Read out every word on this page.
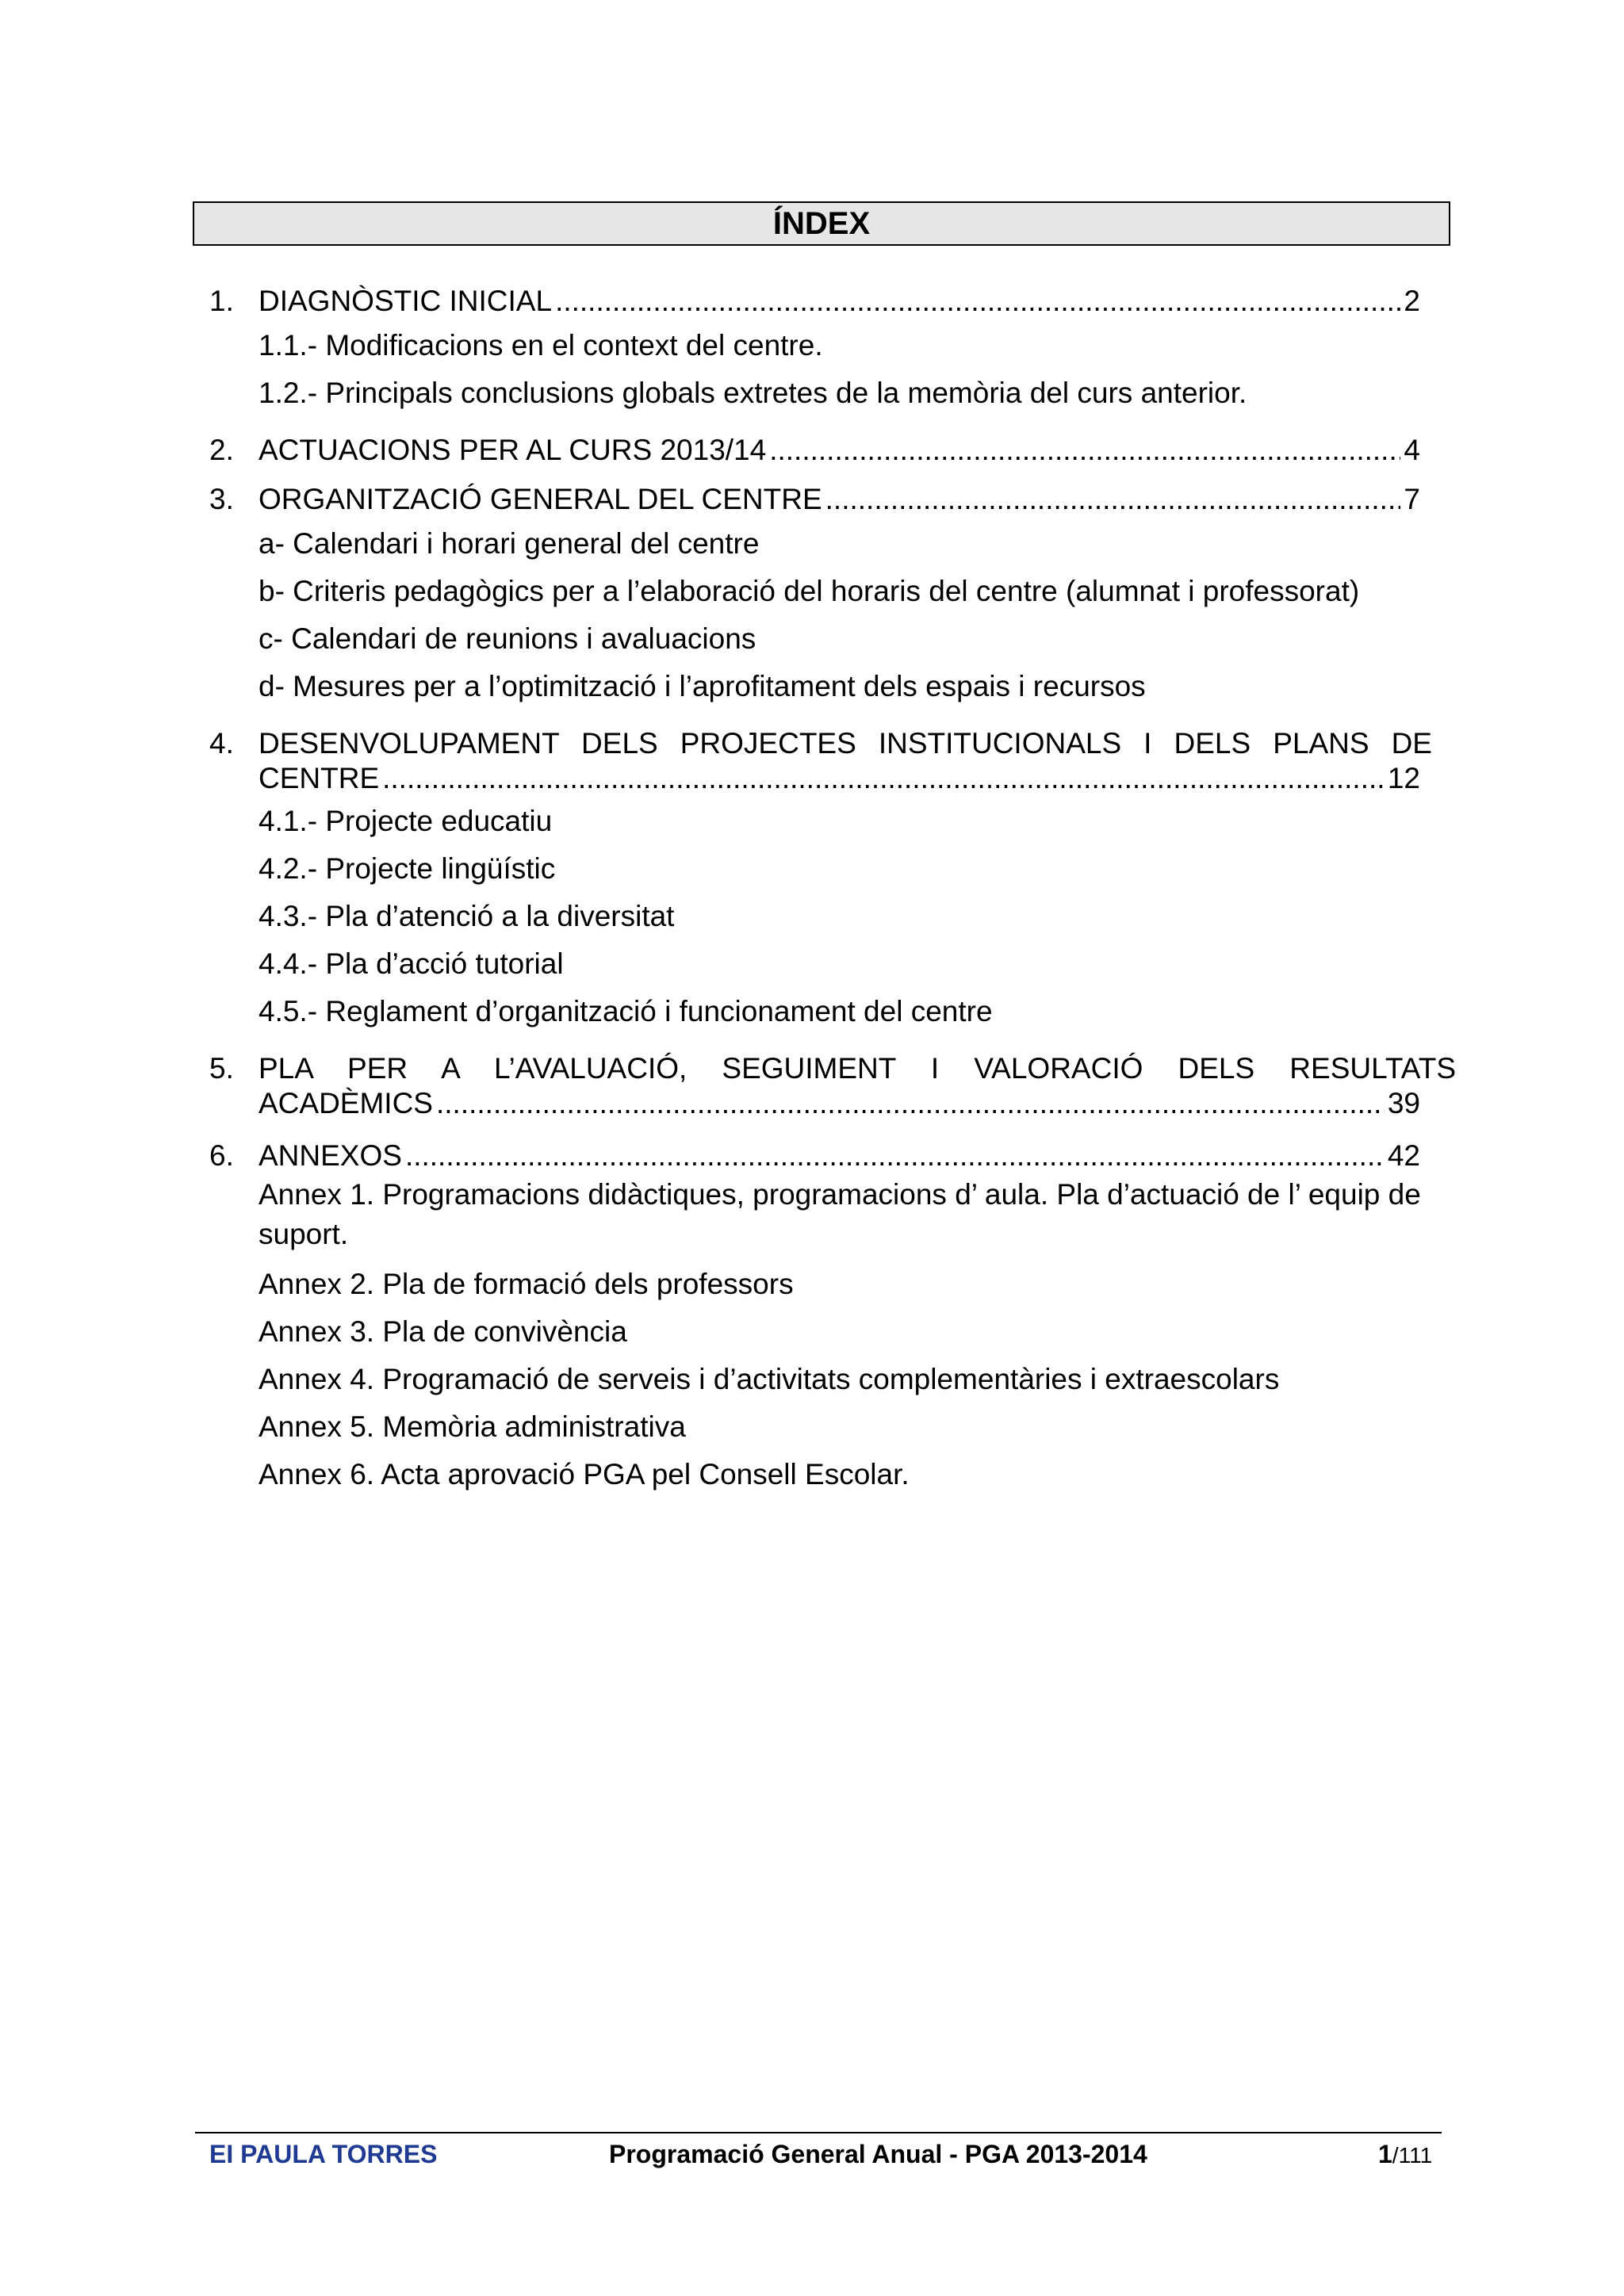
ÍNDEX
1. DIAGNÒSTIC INICIAL .....	2
1.1.- Modificacions en el context del centre.
1.2.- Principals conclusions globals extretes de la memòria del curs anterior.
2. ACTUACIONS PER AL CURS 2013/14 .....	4
3. ORGANITZACIÓ GENERAL DEL CENTRE .....	7
a- Calendari i horari general del centre
b- Criteris pedagògics per a l’elaboració del horaris del centre (alumnat i professorat)
c- Calendari de reunions i avaluacions
d- Mesures per a l’optimització i l’aprofitament dels espais i recursos
4. DESENVOLUPAMENT DELS PROJECTES INSTITUCIONALS I DELS PLANS DE
CENTRE .....	12
4.1.- Projecte educatiu
4.2.- Projecte lingüístic
4.3.- Pla d’atenció a la diversitat
4.4.- Pla d’acció tutorial
4.5.- Reglament d’organització i funcionament del centre
5. PLA PER A L’AVALUACIÓ, SEGUIMENT I VALORACIÓ DELS RESULTATS
ACADÈMICS .....	39
6. ANNEXOS .....	42
Annex 1. Programacions didàctiques, programacions d’ aula. Pla d’actuació de l’ equip de suport.
Annex 2. Pla de formació dels professors
Annex 3. Pla de convivència
Annex 4. Programació de serveis i d’activitats complementàries i extraescolars
Annex 5. Memòria administrativa
Annex 6. Acta aprovació PGA pel Consell Escolar.
EI PAULA TORRES	Programació General Anual - PGA 2013-2014	1/111
